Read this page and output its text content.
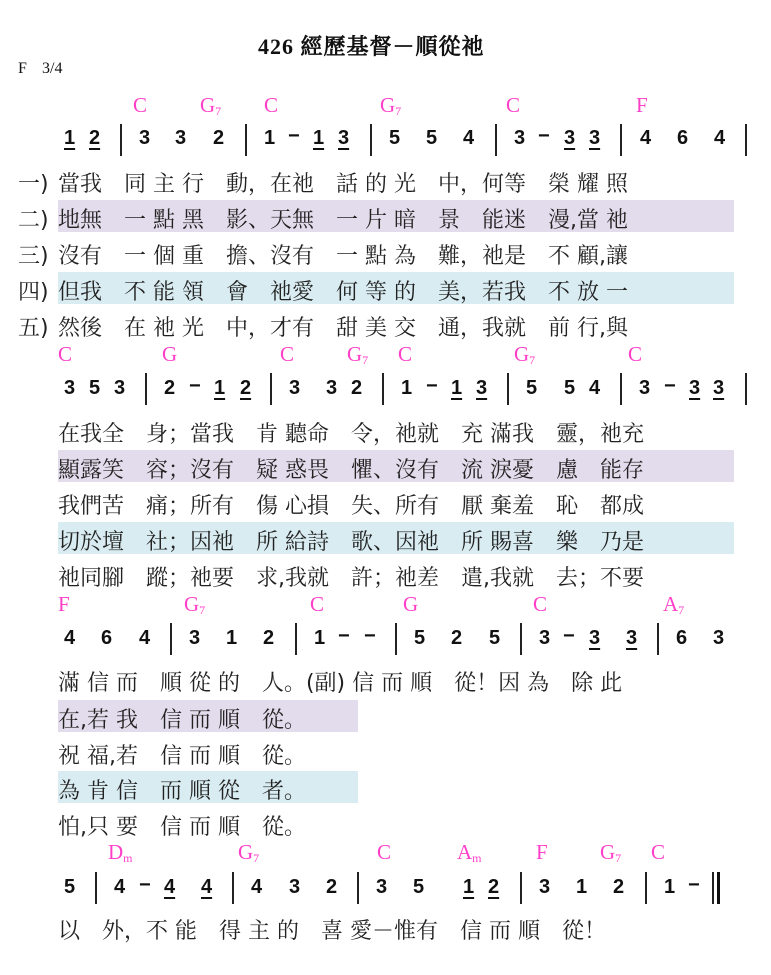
426 經歷基督－順從祂
F 3/4
C	$G_7$ C	$G_7$	C	F
1 2 3 3 2 1 − 1 3 5 5 4 3 − 3 3 4 6 4
一) 當我　同 主 行　動，在祂　話 的 光　中，何等　榮 耀 照
二) 地無　一 點 黑　影、天無　一 片 暗　景　能迷　漫,當 祂
三) 沒有　一 個 重　擔、沒有　一 點 為　難，祂是　不 顧,讓
四) 但我　不 能 領　會　祂愛　何 等 的　美，若我　不 放 一
五) 然後　在 祂 光　中，才有　甜 美 交　通，我就　前 行,與
C	G	C	$G_7$ C	$G_7$	C
3 5 3 2 − 1 2 3 3 2 1 − 1 3 5 5 4 3 − 3 3
在我全　身；當我　肯 聽命　令，祂就　充 滿我　靈，祂充
顯露笑　容；沒有　疑 惑畏　懼、沒有　流 淚憂　慮　能存
我們苦　痛；所有　傷 心損　失、所有　厭 棄羞　恥　都成
切於壇　社；因祂　所 給詩　歌、因祂　所 賜喜　樂　乃是
祂同腳　蹤；祂要　求,我就　許；祂差　遣,我就　去；不要
F	$G_7$	C	G	C	$A_7$
4 6 4 3 1 2 1 − − 5 2 5 3 − 3 3 6 3
滿 信 而　順 從 的　人。(副) 信 而 順　從！因 為　除 此
在,若 我　信 而 順　從。
祝 福,若　信 而 順　從。
為 肯 信　而 順 從　者。
怕,只 要　信 而 順　從。
$D_m$	$G_7$	C	$A_m$	F $G_7$ C
5 4 − 4 4 4 3 2 3 5 1 2 3 1 2 1 −
以　外，不 能　得 主 的　喜 愛－惟有　信 而 順　從！
